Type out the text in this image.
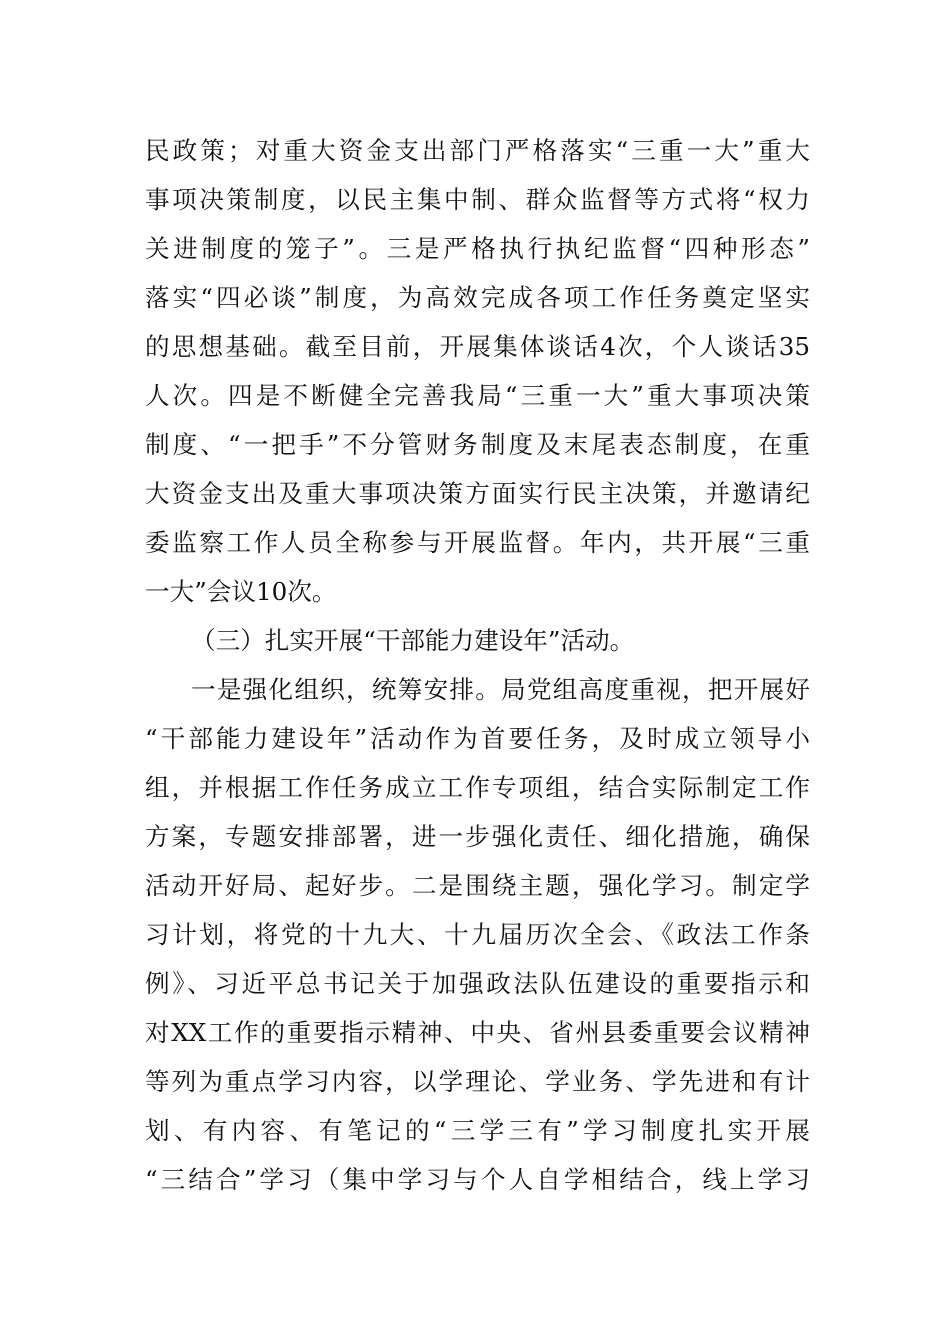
民政策；对重大资金支出部门严格落实“三重一大”重大
事项决策制度，以民主集中制、群众监督等方式将“权力
关进制度的笼子”。三是严格执行执纪监督“四种形态”
落实“四必谈”制度，为高效完成各项工作任务奠定坚实
的思想基础。截至目前，开展集体谈话4次，个人谈话35
人次。四是不断健全完善我局“三重一大”重大事项决策
制度、“一把手”不分管财务制度及末尾表态制度，在重
大资金支出及重大事项决策方面实行民主决策，并邀请纪
委监察工作人员全称参与开展监督。年内，共开展“三重
一大”会议10次。
（三）扎实开展“干部能力建设年”活动。
一是强化组织，统筹安排。局党组高度重视，把开展好
“干部能力建设年”活动作为首要任务，及时成立领导小
组，并根据工作任务成立工作专项组，结合实际制定工作
方案，专题安排部署，进一步强化责任、细化措施，确保
活动开好局、起好步。二是围绕主题，强化学习。制定学
习计划，将党的十九大、十九届历次全会、《政法工作条
例》、习近平总书记关于加强政法队伍建设的重要指示和
对XX工作的重要指示精神、中央、省州县委重要会议精神
等列为重点学习内容，以学理论、学业务、学先进和有计
划、有内容、有笔记的“三学三有”学习制度扎实开展
“三结合”学习（集中学习与个人自学相结合，线上学习
